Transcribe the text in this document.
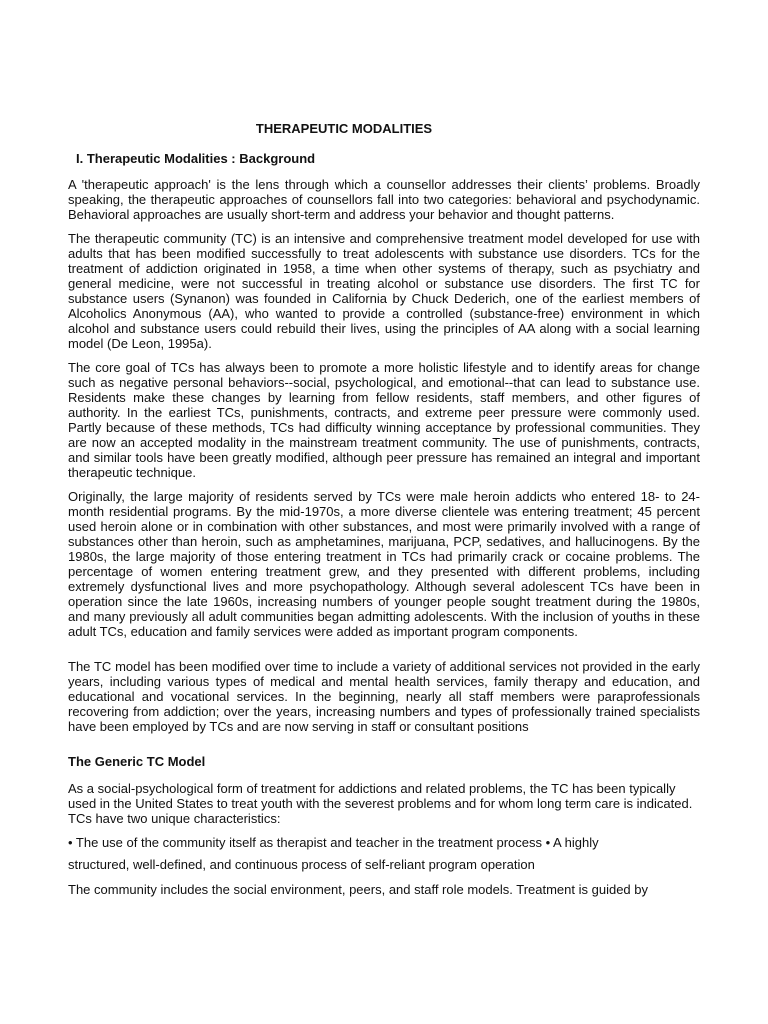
THERAPEUTIC MODALITIES
I. Therapeutic Modalities : Background

A 'therapeutic approach' is the lens through which a counsellor addresses their clients’ problems. Broadly speaking, the therapeutic approaches of counsellors fall into two categories: behavioral and psychodynamic. Behavioral approaches are usually short-term and address your behavior and thought patterns.

The therapeutic community (TC) is an intensive and comprehensive treatment model developed for use with adults that has been modified successfully to treat adolescents with substance use disorders. TCs for the treatment of addiction originated in 1958, a time when other systems of therapy, such as psychiatry and general medicine, were not successful in treating alcohol or substance use disorders. The first TC for substance users (Synanon) was founded in California by Chuck Dederich, one of the earliest members of Alcoholics Anonymous (AA), who wanted to provide a controlled (substance-free) environment in which alcohol and substance users could rebuild their lives, using the principles of AA along with a social learning model (De Leon, 1995a).

The core goal of TCs has always been to promote a more holistic lifestyle and to identify areas for change such as negative personal behaviors--social, psychological, and emotional--that can lead to substance use. Residents make these changes by learning from fellow residents, staff members, and other figures of authority. In the earliest TCs, punishments, contracts, and extreme peer pressure were commonly used. Partly because of these methods, TCs had difficulty winning acceptance by professional communities. They are now an accepted modality in the mainstream treatment community. The use of punishments, contracts, and similar tools have been greatly modified, although peer pressure has remained an integral and important therapeutic technique.

Originally, the large majority of residents served by TCs were male heroin addicts who entered 18- to 24-month residential programs. By the mid-1970s, a more diverse clientele was entering treatment; 45 percent used heroin alone or in combination with other substances, and most were primarily involved with a range of substances other than heroin, such as amphetamines, marijuana, PCP, sedatives, and hallucinogens. By the 1980s, the large majority of those entering treatment in TCs had primarily crack or cocaine problems. The percentage of women entering treatment grew, and they presented with different problems, including extremely dysfunctional lives and more psychopathology. Although several adolescent TCs have been in operation since the late 1960s, increasing numbers of younger people sought treatment during the 1980s, and many previously all adult communities began admitting adolescents. With the inclusion of youths in these adult TCs, education and family services were added as important program components.

The TC model has been modified over time to include a variety of additional services not provided in the early years, including various types of medical and mental health services, family therapy and education, and educational and vocational services. In the beginning, nearly all staff members were paraprofessionals recovering from addiction; over the years, increasing numbers and types of professionally trained specialists have been employed by TCs and are now serving in staff or consultant positions

The Generic TC Model

As a social-psychological form of treatment for addictions and related problems, the TC has been typically used in the United States to treat youth with the severest problems and for whom long term care is indicated. TCs have two unique characteristics:

• The use of the community itself as therapist and teacher in the treatment process • A highly

structured, well-defined, and continuous process of self-reliant program operation

The community includes the social environment, peers, and staff role models. Treatment is guided by
